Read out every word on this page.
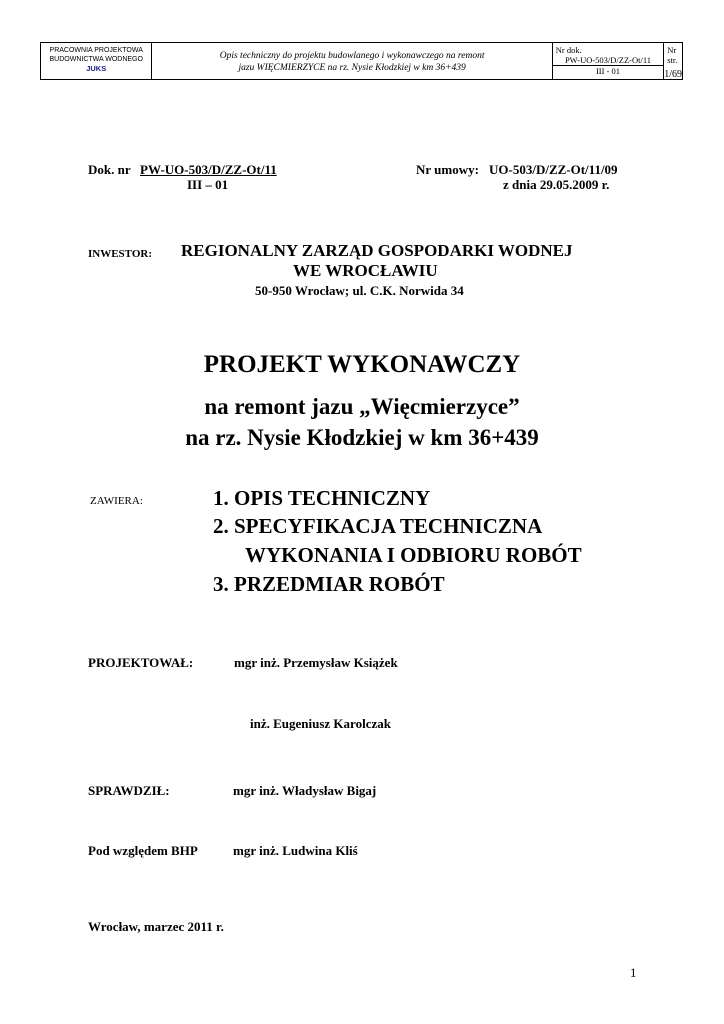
PRACOWNIA PROJEKTOWA
BUDOWNICTWA WODNEGO
JUKS
Opis techniczny do projektu budowlanego i wykonawczego na remont
jazu WIĘCMIERZYCE na rz. Nysie Kłodzkiej w km 36+439
Nr dok.
PW-UO-503/D/ZZ-Ot/11
III - 01
Nr str.
1/69
Dok. nr PW-UO-503/D/ZZ-Ot/11
III – 01
Nr umowy: UO-503/D/ZZ-Ot/11/09
z dnia 29.05.2009 r.
INWESTOR: REGIONALNY ZARZĄD GOSPODARKI WODNEJ
WE WROCŁAWIU
50-950 Wrocław; ul. C.K. Norwida 34
PROJEKT WYKONAWCZY
na remont jazu „Więcmierzyce”
na rz. Nysie Kłodzkiej w km 36+439
ZAWIERA:	1. OPIS TECHNICZNY
2. SPECYFIKACJA TECHNICZNA
WYKONANIA I ODBIORU ROBÓT
3. PRZEDMIAR ROBÓT
PROJEKTOWAŁ:	mgr inż. Przemysław Książek
inż. Eugeniusz Karolczak
SPRAWDZIŁ:	mgr inż. Władysław Bigaj
Pod względem BHP	mgr inż. Ludwina Kliś
Wrocław, marzec 2011 r.
1
